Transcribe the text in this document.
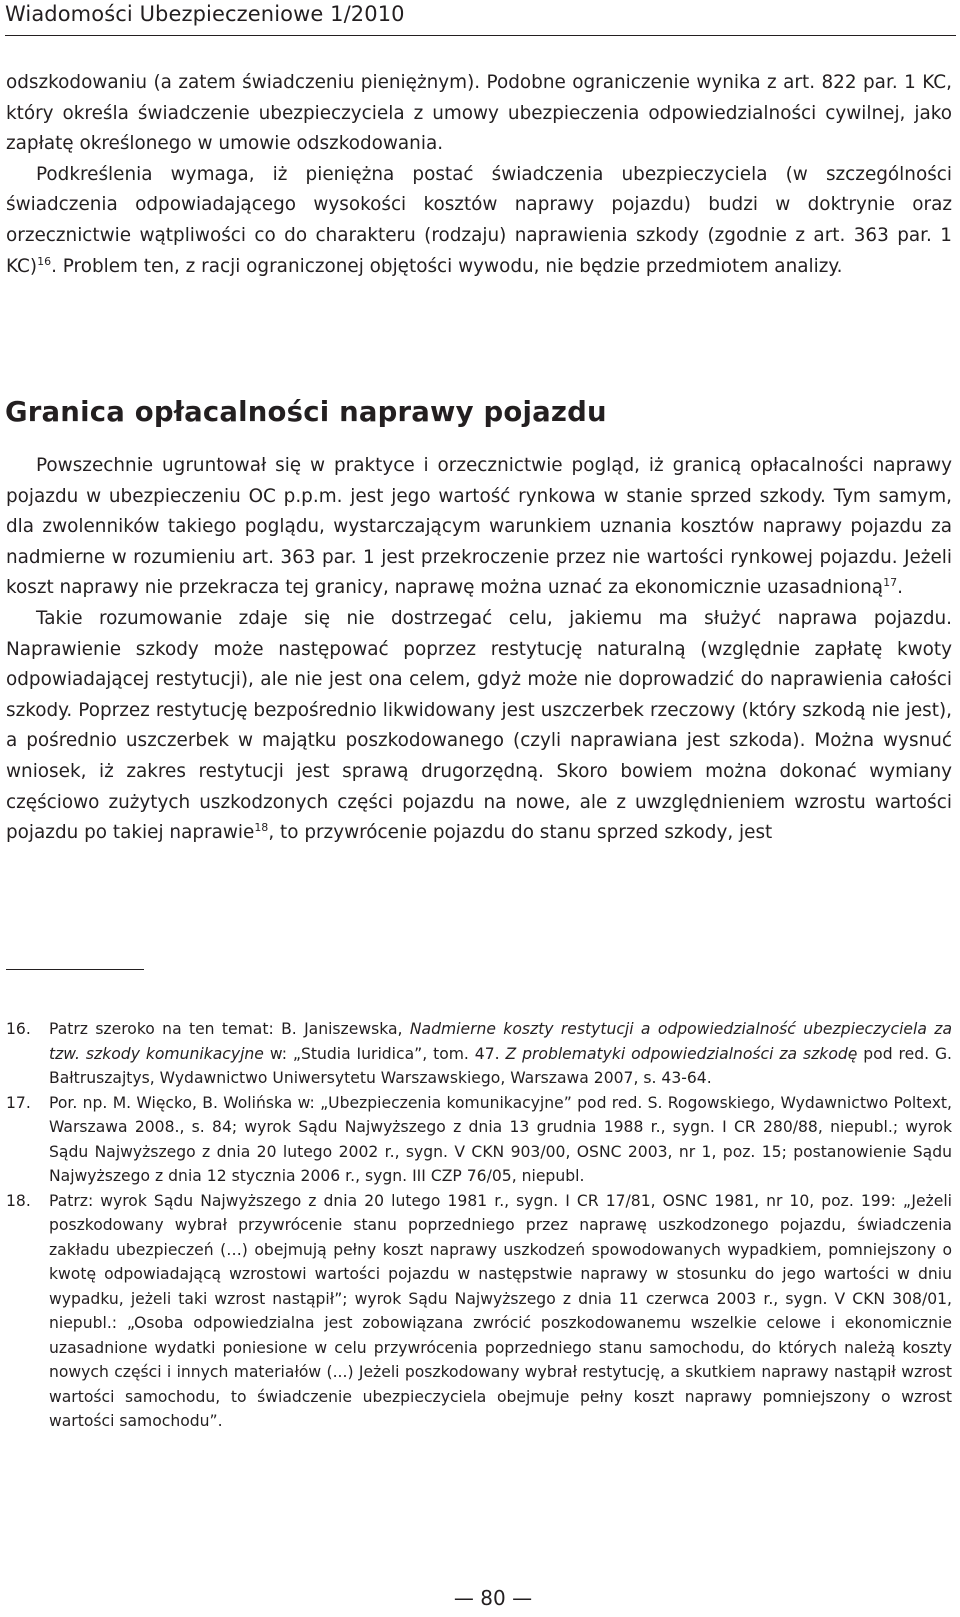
Wiadomości Ubezpieczeniowe 1/2010

odszkodowaniu (a zatem świadczeniu pieniężnym). Podobne ograniczenie wynika z art. 822 par. 1 KC, który określa świadczenie ubezpieczyciela z umowy ubezpieczenia odpowiedzialności cywilnej, jako zapłatę określonego w umowie odszkodowania.

Podkreślenia wymaga, iż pieniężna postać świadczenia ubezpieczyciela (w szczególności świadczenia odpowiadającego wysokości kosztów naprawy pojazdu) budzi w doktrynie oraz orzecznictwie wątpliwości co do charakteru (rodzaju) naprawienia szkody (zgodnie z art. 363 par. 1 KC)$^{16}$. Problem ten, z racji ograniczonej objętości wywodu, nie będzie przedmiotem analizy.

Granica opłacalności naprawy pojazdu

Powszechnie ugruntował się w praktyce i orzecznictwie pogląd, iż granicą opłacalności naprawy pojazdu w ubezpieczeniu OC p.p.m. jest jego wartość rynkowa w stanie sprzed szkody. Tym samym, dla zwolenników takiego poglądu, wystarczającym warunkiem uznania kosztów naprawy pojazdu za nadmierne w rozumieniu art. 363 par. 1 jest przekroczenie przez nie wartości rynkowej pojazdu. Jeżeli koszt naprawy nie przekracza tej granicy, naprawę można uznać za ekonomicznie uzasadnioną$^{17}$.

Takie rozumowanie zdaje się nie dostrzegać celu, jakiemu ma służyć naprawa pojazdu. Naprawienie szkody może następować poprzez restytucję naturalną (względnie zapłatę kwoty odpowiadającej restytucji), ale nie jest ona celem, gdyż może nie doprowadzić do naprawienia całości szkody. Poprzez restytucję bezpośrednio likwidowany jest uszczerbek rzeczowy (który szkodą nie jest), a pośrednio uszczerbek w majątku poszkodowanego (czyli naprawiana jest szkoda). Można wysnuć wniosek, iż zakres restytucji jest sprawą drugorzędną. Skoro bowiem można dokonać wymiany częściowo zużytych uszkodzonych części pojazdu na nowe, ale z uwzględnieniem wzrostu wartości pojazdu po takiej naprawie$^{18}$, to przywrócenie pojazdu do stanu sprzed szkody, jest

16. Patrz szeroko na ten temat: B. Janiszewska, Nadmierne koszty restytucji a odpowiedzialność ubezpieczyciela za tzw. szkody komunikacyjne w: „Studia Iuridica”, tom. 47. Z problematyki odpowiedzialności za szkodę pod red. G. Bałtruszajtys, Wydawnictwo Uniwersytetu Warszawskiego, Warszawa 2007, s. 43-64.
17. Por. np. M. Więcko, B. Wolińska w: „Ubezpieczenia komunikacyjne” pod red. S. Rogowskiego, Wydawnictwo Poltext, Warszawa 2008., s. 84; wyrok Sądu Najwyższego z dnia 13 grudnia 1988 r., sygn. I CR 280/88, niepubl.; wyrok Sądu Najwyższego z dnia 20 lutego 2002 r., sygn. V CKN 903/00, OSNC 2003, nr 1, poz. 15; postanowienie Sądu Najwyższego z dnia 12 stycznia 2006 r., sygn. III CZP 76/05, niepubl.
18. Patrz: wyrok Sądu Najwyższego z dnia 20 lutego 1981 r., sygn. I CR 17/81, OSNC 1981, nr 10, poz. 199: „Jeżeli poszkodowany wybrał przywrócenie stanu poprzedniego przez naprawę uszkodzonego pojazdu, świadczenia zakładu ubezpieczeń (…) obejmują pełny koszt naprawy uszkodzeń spowodowanych wypadkiem, pomniejszony o kwotę odpowiadającą wzrostowi wartości pojazdu w następstwie naprawy w stosunku do jego wartości w dniu wypadku, jeżeli taki wzrost nastąpił”; wyrok Sądu Najwyższego z dnia 11 czerwca 2003 r., sygn. V CKN 308/01, niepubl.: „Osoba odpowiedzialna jest zobowiązana zwrócić poszkodowanemu wszelkie celowe i ekonomicznie uzasadnione wydatki poniesione w celu przywrócenia poprzedniego stanu samochodu, do których należą koszty nowych części i innych materiałów (...) Jeżeli poszkodowany wybrał restytucję, a skutkiem naprawy nastąpił wzrost wartości samochodu, to świadczenie ubezpieczyciela obejmuje pełny koszt naprawy pomniejszony o wzrost wartości samochodu”.
— 80 —
